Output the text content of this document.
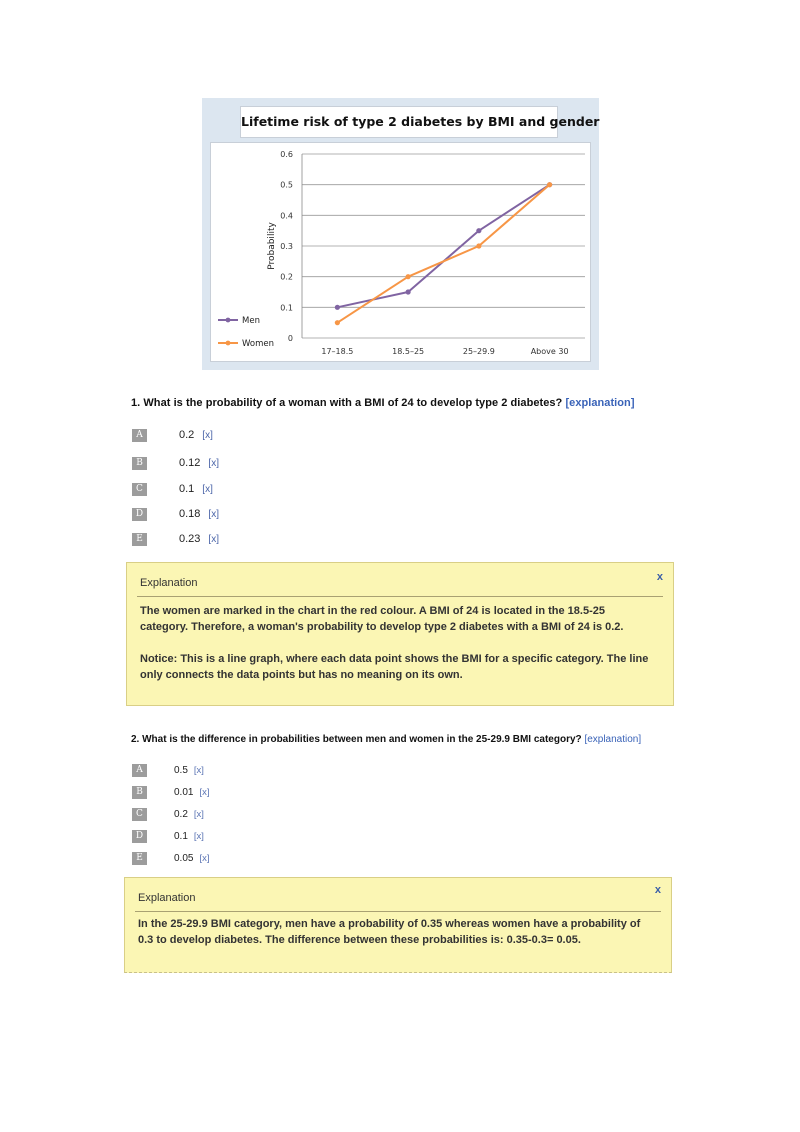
Lifetime risk of type 2 diabetes by BMI and gender
0
0.1
0.2
0.3
0.4
0.5
0.6
17–18.5	18.5–25	25–29.9	Above 30
Probability
Men
Women
1. What is the probability of a woman with a BMI of 24 to develop type 2 diabetes? [explanation]
A	0.2 [x]
B	0.12 [x]
C	0.1 [x]
D	0.18 [x]
E	0.23 [x]
Explanation	x
The women are marked in the chart in the red colour. A BMI of 24 is located in the 18.5-25 category. Therefore, a woman's probability to develop type 2 diabetes with a BMI of 24 is 0.2.
Notice: This is a line graph, where each data point shows the BMI for a specific category. The line only connects the data points but has no meaning on its own.
2. What is the difference in probabilities between men and women in the 25-29.9 BMI category? [explanation]
A	0.5 [x]
B	0.01 [x]
C	0.2 [x]
D	0.1 [x]
E	0.05 [x]
Explanation
x
In the 25-29.9 BMI category, men have a probability of 0.35 whereas women have a probability of 0.3 to develop diabetes. The difference between these probabilities is: 0.35-0.3= 0.05.
